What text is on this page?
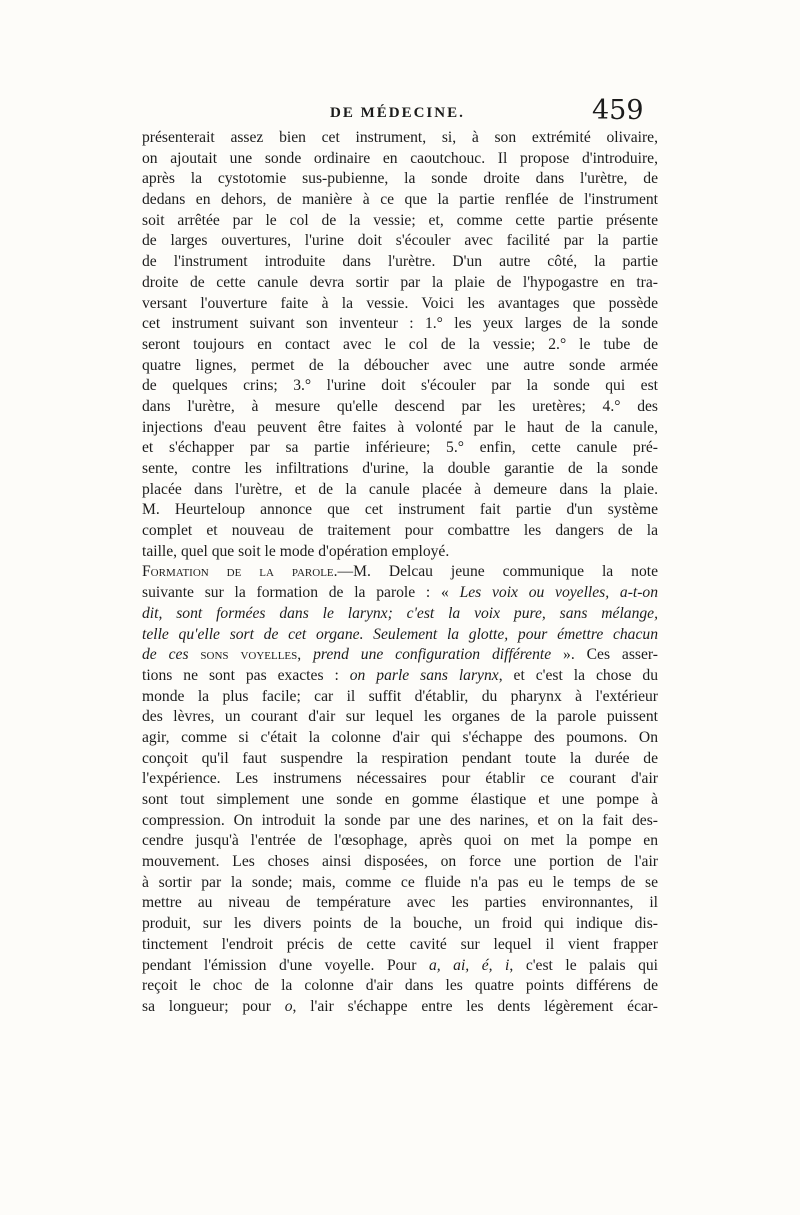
DE MÉDECINE.	459
présenterait assez bien cet instrument, si, à son extrémité olivaire,
on ajoutait une sonde ordinaire en caoutchouc. Il propose d'introduire,
après la cystotomie sus-pubienne, la sonde droite dans l'urètre, de
dedans en dehors, de manière à ce que la partie renflée de l'instrument
soit arrêtée par le col de la vessie; et, comme cette partie présente
de larges ouvertures, l'urine doit s'écouler avec facilité par la partie
de l'instrument introduite dans l'urètre. D'un autre côté, la partie
droite de cette canule devra sortir par la plaie de l'hypogastre en tra-
versant l'ouverture faite à la vessie. Voici les avantages que possède
cet instrument suivant son inventeur : 1.° les yeux larges de la sonde
seront toujours en contact avec le col de la vessie; 2.° le tube de
quatre lignes, permet de la déboucher avec une autre sonde armée
de quelques crins; 3.° l'urine doit s'écouler par la sonde qui est
dans l'urètre, à mesure qu'elle descend par les uretères; 4.° des
injections d'eau peuvent être faites à volonté par le haut de la canule,
et s'échapper par sa partie inférieure; 5.° enfin, cette canule pré-
sente, contre les infiltrations d'urine, la double garantie de la sonde
placée dans l'urètre, et de la canule placée à demeure dans la plaie.
M. Heurteloup annonce que cet instrument fait partie d'un système
complet et nouveau de traitement pour combattre les dangers de la
taille, quel que soit le mode d'opération employé.
Formation de la parole.—M. Delcau jeune communique la note
suivante sur la formation de la parole : « Les voix ou voyelles, a-t-on
dit, sont formées dans le larynx; c'est la voix pure, sans mélange,
telle qu'elle sort de cet organe. Seulement la glotte, pour émettre chacun
de ces sons voyelles, prend une configuration différente ». Ces asser-
tions ne sont pas exactes : on parle sans larynx, et c'est la chose du
monde la plus facile; car il suffit d'établir, du pharynx à l'extérieur
des lèvres, un courant d'air sur lequel les organes de la parole puissent
agir, comme si c'était la colonne d'air qui s'échappe des poumons. On
conçoit qu'il faut suspendre la respiration pendant toute la durée de
l'expérience. Les instrumens nécessaires pour établir ce courant d'air
sont tout simplement une sonde en gomme élastique et une pompe à
compression. On introduit la sonde par une des narines, et on la fait des-
cendre jusqu'à l'entrée de l'œsophage, après quoi on met la pompe en
mouvement. Les choses ainsi disposées, on force une portion de l'air
à sortir par la sonde; mais, comme ce fluide n'a pas eu le temps de se
mettre au niveau de température avec les parties environnantes, il
produit, sur les divers points de la bouche, un froid qui indique dis-
tinctement l'endroit précis de cette cavité sur lequel il vient frapper
pendant l'émission d'une voyelle. Pour a, ai, é, i, c'est le palais qui
reçoit le choc de la colonne d'air dans les quatre points différens de
sa longueur; pour o, l'air s'échappe entre les dents légèrement écar-
